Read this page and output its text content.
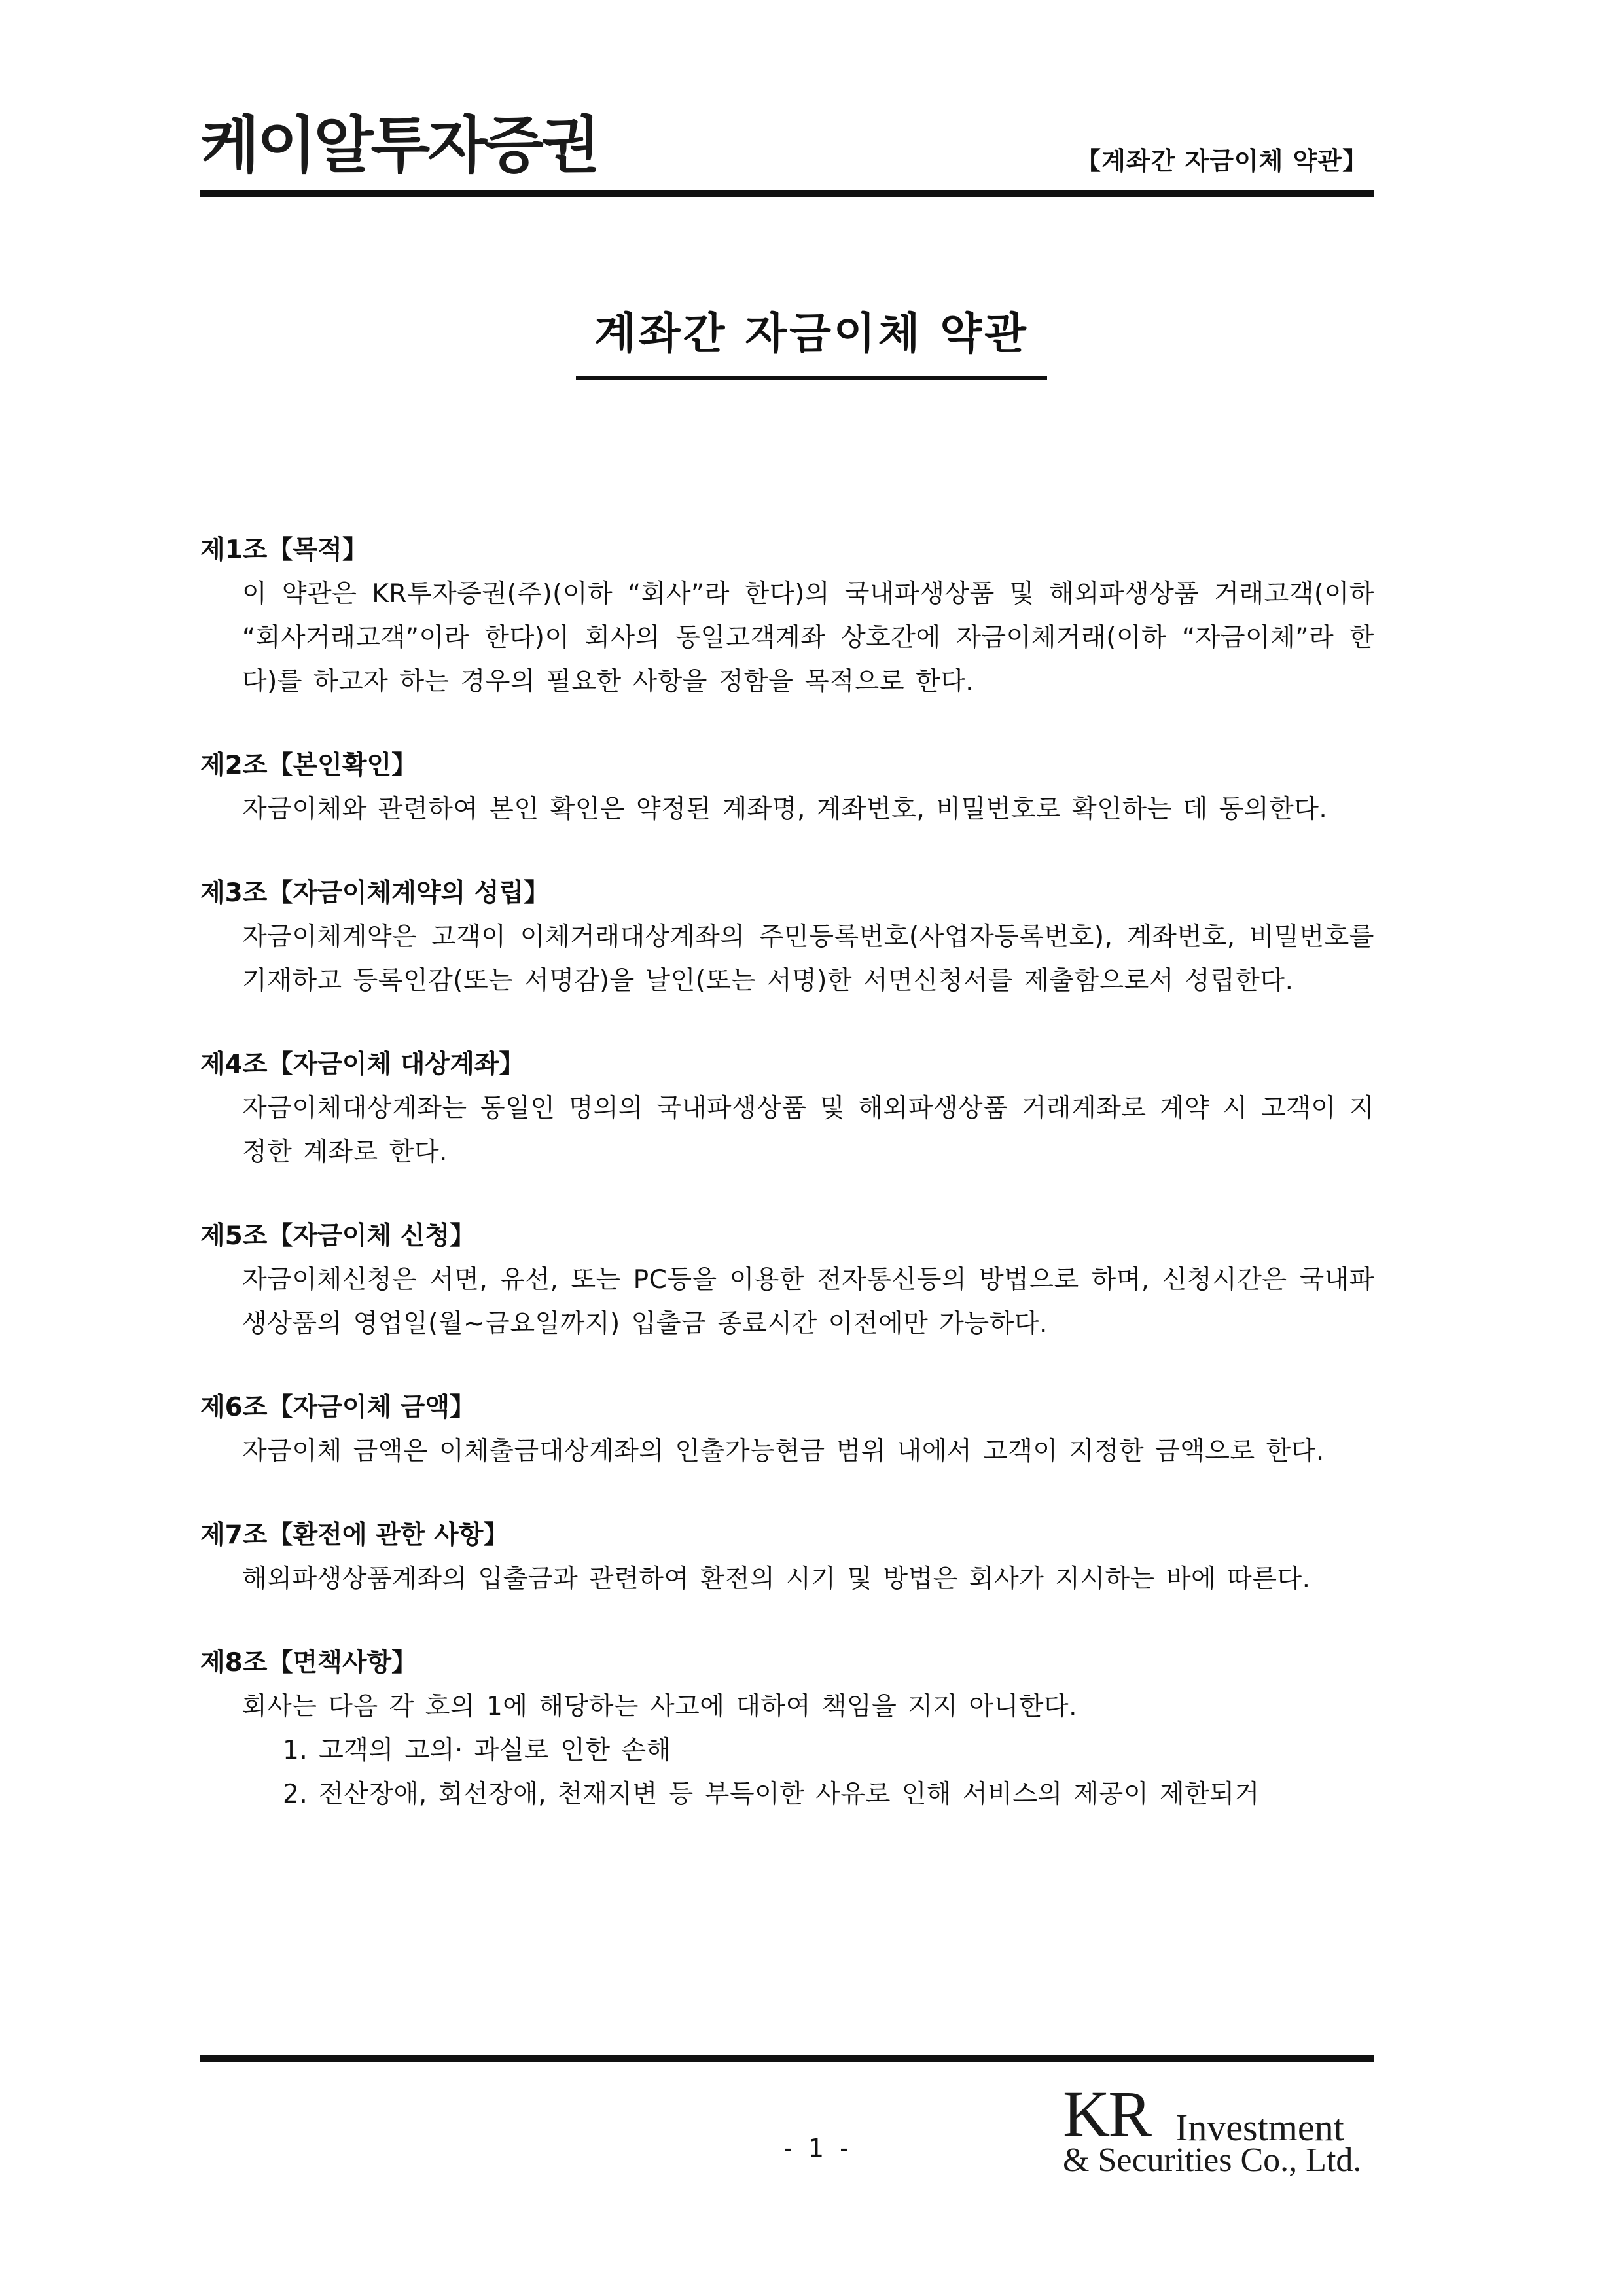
케이알투자증권	【계좌간 자금이체 약관】
계좌간 자금이체 약관
제1조【목적】
이 약관은 KR투자증권(주)(이하 “회사”라 한다)의 국내파생상품 및 해외파생상품 거래고객(이하 “회사거래고객”이라 한다)이 회사의 동일고객계좌 상호간에 자금이체거래(이하 “자금이체”라 한다)를 하고자 하는 경우의 필요한 사항을 정함을 목적으로 한다.
제2조【본인확인】
자금이체와 관련하여 본인 확인은 약정된 계좌명, 계좌번호, 비밀번호로 확인하는 데 동의한다.
제3조【자금이체계약의 성립】
자금이체계약은 고객이 이체거래대상계좌의 주민등록번호(사업자등록번호), 계좌번호, 비밀번호를 기재하고 등록인감(또는 서명감)을 날인(또는 서명)한 서면신청서를 제출함으로서 성립한다.
제4조【자금이체 대상계좌】
자금이체대상계좌는 동일인 명의의 국내파생상품 및 해외파생상품 거래계좌로 계약 시 고객이 지정한 계좌로 한다.
제5조【자금이체 신청】
자금이체신청은 서면, 유선, 또는 PC등을 이용한 전자통신등의 방법으로 하며, 신청시간은 국내파생상품의 영업일(월~금요일까지) 입출금 종료시간 이전에만 가능하다.
제6조【자금이체 금액】
자금이체 금액은 이체출금대상계좌의 인출가능현금 범위 내에서 고객이 지정한 금액으로 한다.
제7조【환전에 관한 사항】
해외파생상품계좌의 입출금과 관련하여 환전의 시기 및 방법은 회사가 지시하는 바에 따른다.
제8조【면책사항】
회사는 다음 각 호의 1에 해당하는 사고에 대하여 책임을 지지 아니한다.
1. 고객의 고의· 과실로 인한 손해
2. 전산장애, 회선장애, 천재지변 등 부득이한 사유로 인해 서비스의 제공이 제한되거
- 1 -	KR Investment
& Securities Co., Ltd.
